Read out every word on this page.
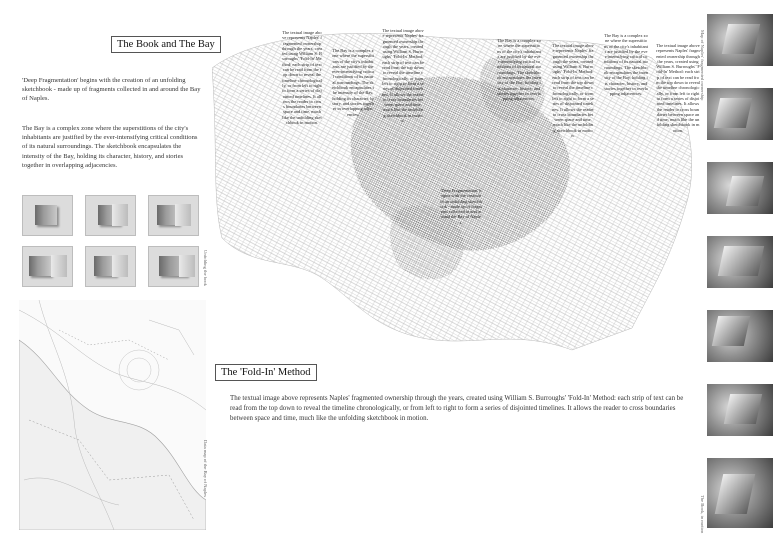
The Book and The Bay

'Deep Fragmentation' begins with the creation of an unfolding sketchbook - made up of fragments collected in and around the Bay of Naples.

The Bay is a complex zone where the superstitions of the city's inhabitants are justified by the ever-intensifying critical conditions of its natural surroundings. The sketchbook encapsulates the intensity of the Bay, holding its character, history, and stories together in overlapping adjacencies.

Unfolding the book
Data map of the Bay of Naples
The 'Fold-In' Method

The textual image above represents Naples' fragmented ownership through the years, created using William S. Burroughs' 'Fold-In' Method: each strip of text can be read from the top down to reveal the timeline chronologically, or from left to right to form a series of disjointed timelines. It allows the reader to cross boundaries between space and time, much like the unfolding sketchbook in motion.

The textual image above represents Naples' fragmented ownership through the years, created using William S. Burroughs' 'Fold-In' Method: each strip of text can be read from the top down to reveal the timeline chronologically, or from left to right to form a series of disjointed timelines. It allows the reader to cross boundaries between space and time, much like the unfolding sketchbook in motion.
The Bay is a complex zone where the superstitions of the city's inhabitants are justified by the ever-intensifying critical conditions of its natural surroundings. The sketchbook encapsulates the intensity of the Bay, holding its character, history, and stories together in overlapping adjacencies.
The textual image above represents Naples' fragmented ownership through the years, created using William S. Burroughs' 'Fold-In' Method: each strip of text can be read from the top down to reveal the timeline chronologically, or from left to right to form a series of disjointed timelines. It allows the reader to cross boundaries between space and time, much like the unfolding sketchbook in motion.
'Deep Fragmentation' begins with the creation of an unfolding sketchbook - made up of fragments collected in and around the Bay of Naples.
The Bay is a complex zone where the superstitions of the city's inhabitants are justified by the ever-intensifying critical conditions of its natural surroundings. The sketchbook encapsulates the intensity of the Bay, holding its character, history, and stories together in overlapping adjacencies.
The textual image above represents Naples' fragmented ownership through the years, created using William S. Burroughs' 'Fold-In' Method: each strip of text can be read from the top down to reveal the timeline chronologically, or from left to right to form a series of disjointed timelines. It allows the reader to cross boundaries between space and time, much like the unfolding sketchbook in motion.
The Bay is a complex zone where the superstitions of the city's inhabitants are justified by the ever-intensifying critical conditions of its natural surroundings. The sketchbook encapsulates the intensity of the Bay, holding its character, history, and stories together in overlapping adjacencies.
The textual image above represents Naples' fragmented ownership through the years, created using William S. Burroughs' 'Fold-In' Method: each strip of text can be read from the top down to reveal the timeline chronologically, or from left to right to form a series of disjointed timelines. It allows the reader to cross boundaries between space and time, much like the unfolding sketchbook in motion.
Map of Naples' fragmented ownership
The Book, in motion
